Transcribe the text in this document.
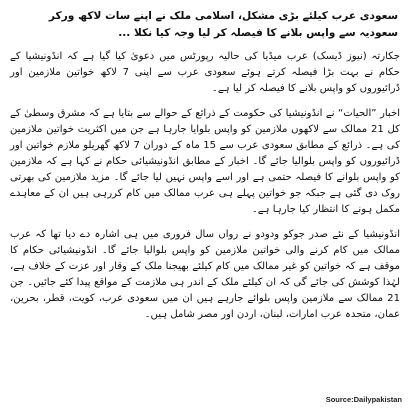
سعودی عرب کیلئے بڑی مشکل، اسلامی ملک نے اپنے سات لاکھ ورکر سعودیہ سے واپس بلانے کا فیصلہ کر لیا وجہ کیا نکلا ...

جکارتہ (نیوز ڈیسک) عرب میڈیا کی حالیہ رپورٹس میں دعویٰ کیا گیا ہے کہ انڈونیشیا کے حکام نے بہت بڑا فیصلہ کرتے ہوئے سعودی عرب سے اپنی 7 لاکھ خواتین ملازمین اور ڈرائیوروں کو واپس بلانے کا فیصلہ کر لیا ہے۔

اخبار ”الحیات“ نے انڈونیشیا کی حکومت کے ذرائع کے حوالے سے بتایا ہے کہ مشرق وسطیٰ کے کل 21 ممالک سے لاکھوں ملازمین کو واپس بلوایا جارہا ہے جن میں اکثریت خواتین ملازمین کی ہے۔ ذرائع کے مطابق سعودی عرب سے 15 ماہ کے دوران 7 لاکھ گھریلو ملازم خواتین اور ڈرائیوروں کو واپس بلوالیا جائے گا۔ اخبار کے مطابق انڈونیشیائی حکام نے کہا ہے کہ ملازمین کو واپس بلوانے کا فیصلہ حتمی ہے اور اسے واپس نہیں لیا جائے گا۔ مزید ملازمین کی بھرتی روک دی گئی ہے جبکہ جو خواتین پہلے ہی عرب ممالک میں کام کررہی ہیں ان کے معاہدے مکمل ہونے کا انتظار کیا جارہا ہے۔

انڈونیشیا کے نئے صدر جوکو ودودو نے رواں سال فروری میں ہی اشارہ دے دیا تھا کہ عرب ممالک میں کام کرنے والی خواتین ملازمین کو واپس بلوالیا جائے گا۔ انڈونیشیائی حکام کا موقف ہے کہ خواتین کو غیر ممالک میں کام کیلئے بھیجنا ملک کے وقار اور عزت کے خلاف ہے، لہٰذا کوشش کی جائے گی کہ ان کیلئے ملک کے اندر ہی ملازمت کے مواقع پیدا کئے جائیں۔ جن 21 ممالک سے ملازمین واپس بلوائے جارہے ہیں ان میں سعودی عرب، کویت، قطر، بحرین، عمان، متحدہ عرب امارات، لبنان، اردن اور مصر شامل ہیں۔

Source:Dailypakistan
